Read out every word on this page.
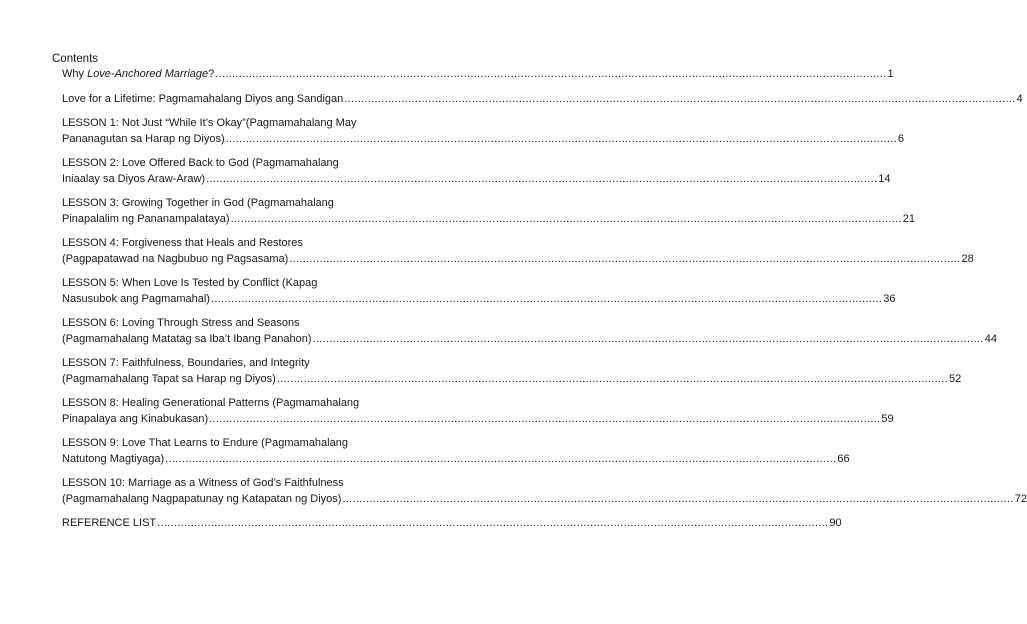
Contents
Why Love-Anchored Marriage? ........................................................................................................................................................................................................ 1
Love for a Lifetime: Pagmamahalang Diyos ang Sandigan ........................................................................................................................................................................................................ 4
LESSON 1: Not Just “While It’s Okay”(Pagmamahalang May
Pananagutan sa Harap ng Diyos) ........................................................................................................................................................................................................ 6
LESSON 2: Love Offered Back to God (Pagmamahalang
Iniaalay sa Diyos Araw-Araw) ........................................................................................................................................................................................................ 14
LESSON 3: Growing Together in God (Pagmamahalang
Pinapalalim ng Pananampalataya) ........................................................................................................................................................................................................ 21
LESSON 4: Forgiveness that Heals and Restores
(Pagpapatawad na Nagbubuo ng Pagsasama) ........................................................................................................................................................................................................ 28
LESSON 5: When Love Is Tested by Conflict (Kapag
Nasusubok ang Pagmamahal) ........................................................................................................................................................................................................ 36
LESSON 6: Loving Through Stress and Seasons
(Pagmamahalang Matatag sa Iba’t Ibang Panahon) ........................................................................................................................................................................................................ 44
LESSON 7: Faithfulness, Boundaries, and Integrity
(Pagmamahalang Tapat sa Harap ng Diyos) ........................................................................................................................................................................................................ 52
LESSON 8: Healing Generational Patterns (Pagmamahalang
Pinapalaya ang Kinabukasan) ........................................................................................................................................................................................................ 59
LESSON 9: Love That Learns to Endure (Pagmamahalang
Natutong Magtiyaga) ........................................................................................................................................................................................................ 66
LESSON 10: Marriage as a Witness of God’s Faithfulness
(Pagmamahalang Nagpapatunay ng Katapatan ng Diyos) ........................................................................................................................................................................................................ 72
REFERENCE LIST ........................................................................................................................................................................................................ 90
